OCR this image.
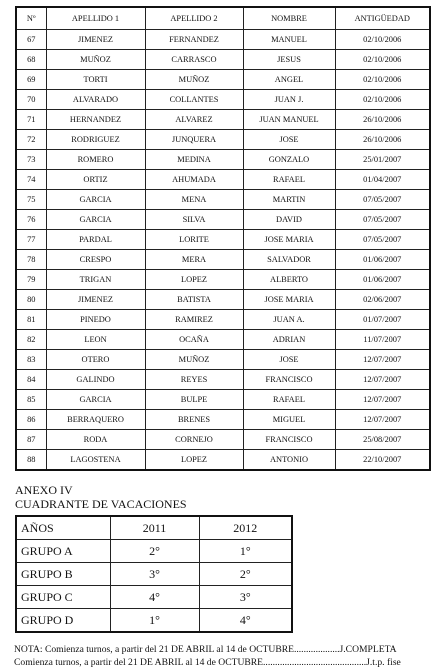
Nº	APELLIDO 1	APELLIDO 2	NOMBRE	ANTIGÜEDAD
67	JIMENEZ	FERNANDEZ	MANUEL	02/10/2006
68	MUÑOZ	CARRASCO	JESUS	02/10/2006
69	TORTI	MUÑOZ	ANGEL	02/10/2006
70	ALVARADO	COLLANTES	JUAN J.	02/10/2006
71	HERNANDEZ	ALVAREZ	JUAN MANUEL	26/10/2006
72	RODRIGUEZ	JUNQUERA	JOSE	26/10/2006
73	ROMERO	MEDINA	GONZALO	25/01/2007
74	ORTIZ	AHUMADA	RAFAEL	01/04/2007
75	GARCIA	MENA	MARTIN	07/05/2007
76	GARCIA	SILVA	DAVID	07/05/2007
77	PARDAL	LORITE	JOSE MARIA	07/05/2007
78	CRESPO	MERA	SALVADOR	01/06/2007
79	TRIGAN	LOPEZ	ALBERTO	01/06/2007
80	JIMENEZ	BATISTA	JOSE MARIA	02/06/2007
81	PINEDO	RAMIREZ	JUAN A.	01/07/2007
82	LEON	OCAÑA	ADRIAN	11/07/2007
83	OTERO	MUÑOZ	JOSE	12/07/2007
84	GALINDO	REYES	FRANCISCO	12/07/2007
85	GARCIA	BULPE	RAFAEL	12/07/2007
86	BERRAQUERO	BRENES	MIGUEL	12/07/2007
87	RODA	CORNEJO	FRANCISCO	25/08/2007
88	LAGOSTENA	LOPEZ	ANTONIO	22/10/2007
ANEXO IV
CUADRANTE DE VACACIONES
AÑOS	2011	2012
GRUPO A	2°	1°
GRUPO B	3°	2°
GRUPO C	4°	3°
GRUPO D	1°	4°
NOTA: Comienza turnos, a partir del 21 DE ABRIL al 14 de OCTUBRE...................J.COMPLETA
Comienza turnos, a partir del 21 DE ABRIL al 14 de OCTUBRE...........................................J.t.p. fise
